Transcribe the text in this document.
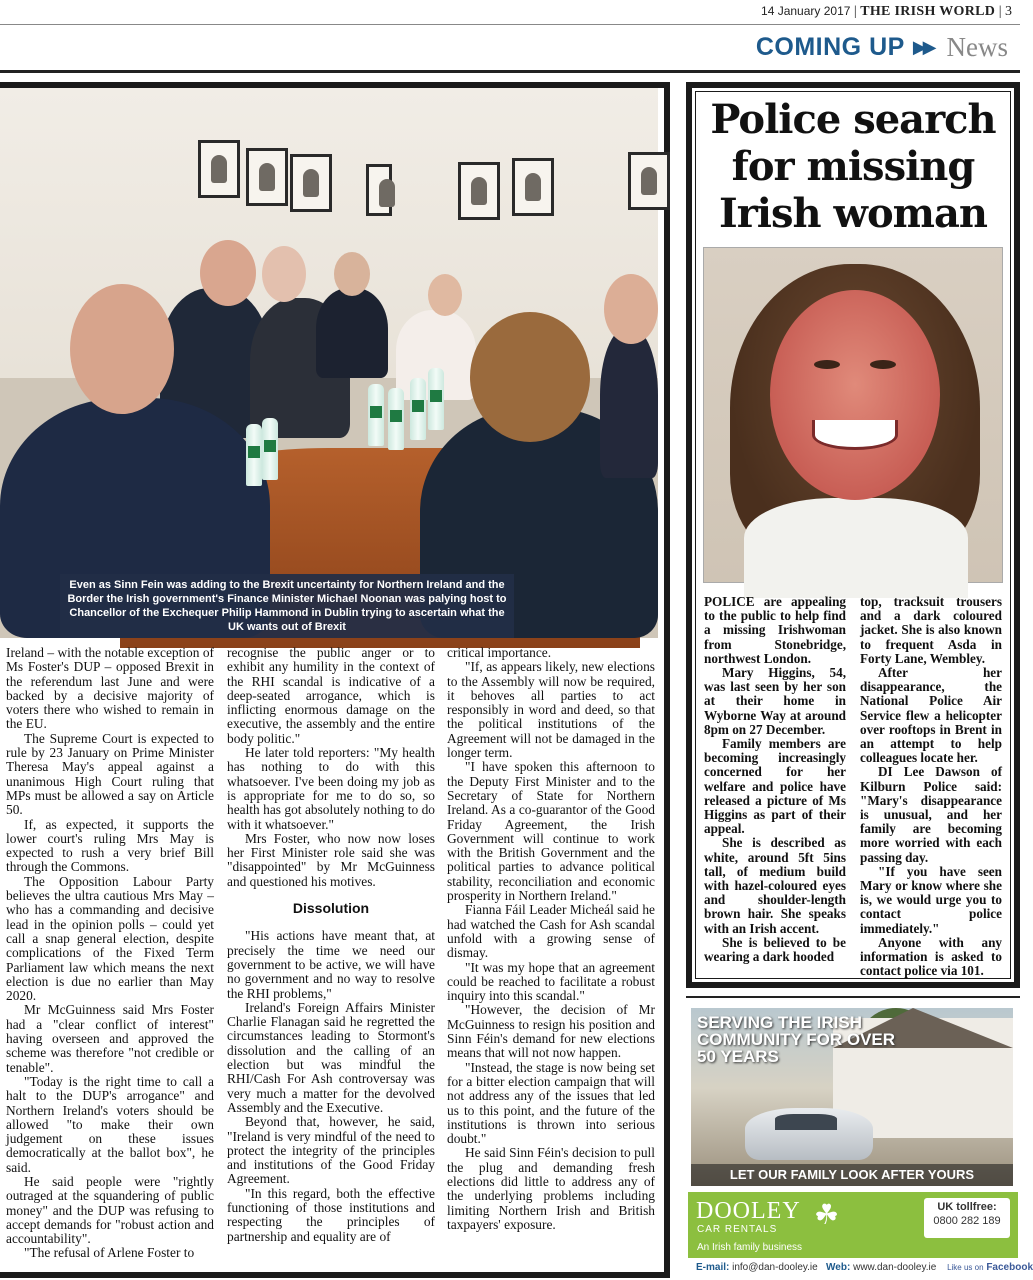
14 January 2017 | THE IRISH WORLD | 3
COMING UP ▶▶ News

Even as Sinn Fein was adding to the Brexit uncertainty for Northern Ireland and the Border the Irish government's Finance Minister Michael Noonan was palying host to Chancellor of the Exchequer Philip Hammond in Dublin trying to ascertain what the UK wants out of Brexit

Ireland – with the notable exception of Ms Foster's DUP – opposed Brexit in the referendum last June and were backed by a decisive majority of voters there who wished to remain in the EU.

The Supreme Court is expected to rule by 23 January on Prime Minister Theresa May's appeal against a unanimous High Court ruling that MPs must be allowed a say on Article 50.

If, as expected, it supports the lower court's ruling Mrs May is expected to rush a very brief Bill through the Commons.

The Opposition Labour Party believes the ultra cautious Mrs May – who has a commanding and decisive lead in the opinion polls – could yet call a snap general election, despite complications of the Fixed Term Parliament law which means the next election is due no earlier than May 2020.

Mr McGuinness said Mrs Foster had a "clear conflict of interest" having overseen and approved the scheme was therefore "not credible or tenable".

"Today is the right time to call a halt to the DUP's arrogance" and Northern Ireland's voters should be allowed "to make their own judgement on these issues democratically at the ballot box", he said.

He said people were "rightly outraged at the squandering of public money" and the DUP was refusing to accept demands for "robust action and accountability".

"The refusal of Arlene Foster to

recognise the public anger or to exhibit any humility in the context of the RHI scandal is indicative of a deep-seated arrogance, which is inflicting enormous damage on the executive, the assembly and the entire body politic."

He later told reporters: "My health has nothing to do with this whatsoever. I've been doing my job as is appropriate for me to do so, so health has got absolutely nothing to do with it whatsoever."

Mrs Foster, who now now loses her First Minister role said she was "disappointed" by Mr McGuinness and questioned his motives.

Dissolution

"His actions have meant that, at precisely the time we need our government to be active, we will have no government and no way to resolve the RHI problems,"

Ireland's Foreign Affairs Minister Charlie Flanagan said he regretted the circumstances leading to Stormont's dissolution and the calling of an election but was mindful the RHI/Cash For Ash controversay was very much a matter for the devolved Assembly and the Executive.

Beyond that, however, he said, "Ireland is very mindful of the need to protect the integrity of the principles and institutions of the Good Friday Agreement.

"In this regard, both the effective functioning of those institutions and respecting the principles of partnership and equality are of

critical importance.

"If, as appears likely, new elections to the Assembly will now be required, it behoves all parties to act responsibly in word and deed, so that the political institutions of the Agreement will not be damaged in the longer term.

"I have spoken this afternoon to the Deputy First Minister and to the Secretary of State for Northern Ireland. As a co-guarantor of the Good Friday Agreement, the Irish Government will continue to work with the British Government and the political parties to advance political stability, reconciliation and economic prosperity in Northern Ireland."

Fianna Fáil Leader Micheál said he had watched the Cash for Ash scandal unfold with a growing sense of dismay.

"It was my hope that an agreement could be reached to facilitate a robust inquiry into this scandal."

"However, the decision of Mr McGuinness to resign his position and Sinn Féin's demand for new elections means that will not now happen.

"Instead, the stage is now being set for a bitter election campaign that will not address any of the issues that led us to this point, and the future of the institutions is thrown into serious doubt."

He said Sinn Féin's decision to pull the plug and demanding fresh elections did little to address any of the underlying problems including limiting Northern Irish and British taxpayers' exposure.

Police search for missing Irish woman

POLICE are appealing to the public to help find a missing Irishwoman from Stonebridge, northwest London.

Mary Higgins, 54, was last seen by her son at their home in Wyborne Way at around 8pm on 27 December.

Family members are becoming increasingly concerned for her welfare and police have released a picture of Ms Higgins as part of their appeal.

She is described as white, around 5ft 5ins tall, of medium build with hazel-coloured eyes and shoulder-length brown hair. She speaks with an Irish accent.

She is believed to be wearing a dark hooded

top, tracksuit trousers and a dark coloured jacket. She is also known to frequent Asda in Forty Lane, Wembley.

After her disappearance, the National Police Air Service flew a helicopter over rooftops in Brent in an attempt to help colleagues locate her.

DI Lee Dawson of Kilburn Police said: "Mary's disappearance is unusual, and her family are becoming more worried with each passing day.

"If you have seen Mary or know where she is, we would urge you to contact police immediately."

Anyone with any information is asked to contact police via 101.

SERVING THE IRISH COMMUNITY FOR OVER 50 YEARS
LET OUR FAMILY LOOK AFTER YOURS
DOOLEY
CAR RENTALS ☘	UK tollfree:
0800 282 189
An Irish family business
E-mail: info@dan-dooley.ie Web: www.dan-dooley.ie Like us on Facebook
